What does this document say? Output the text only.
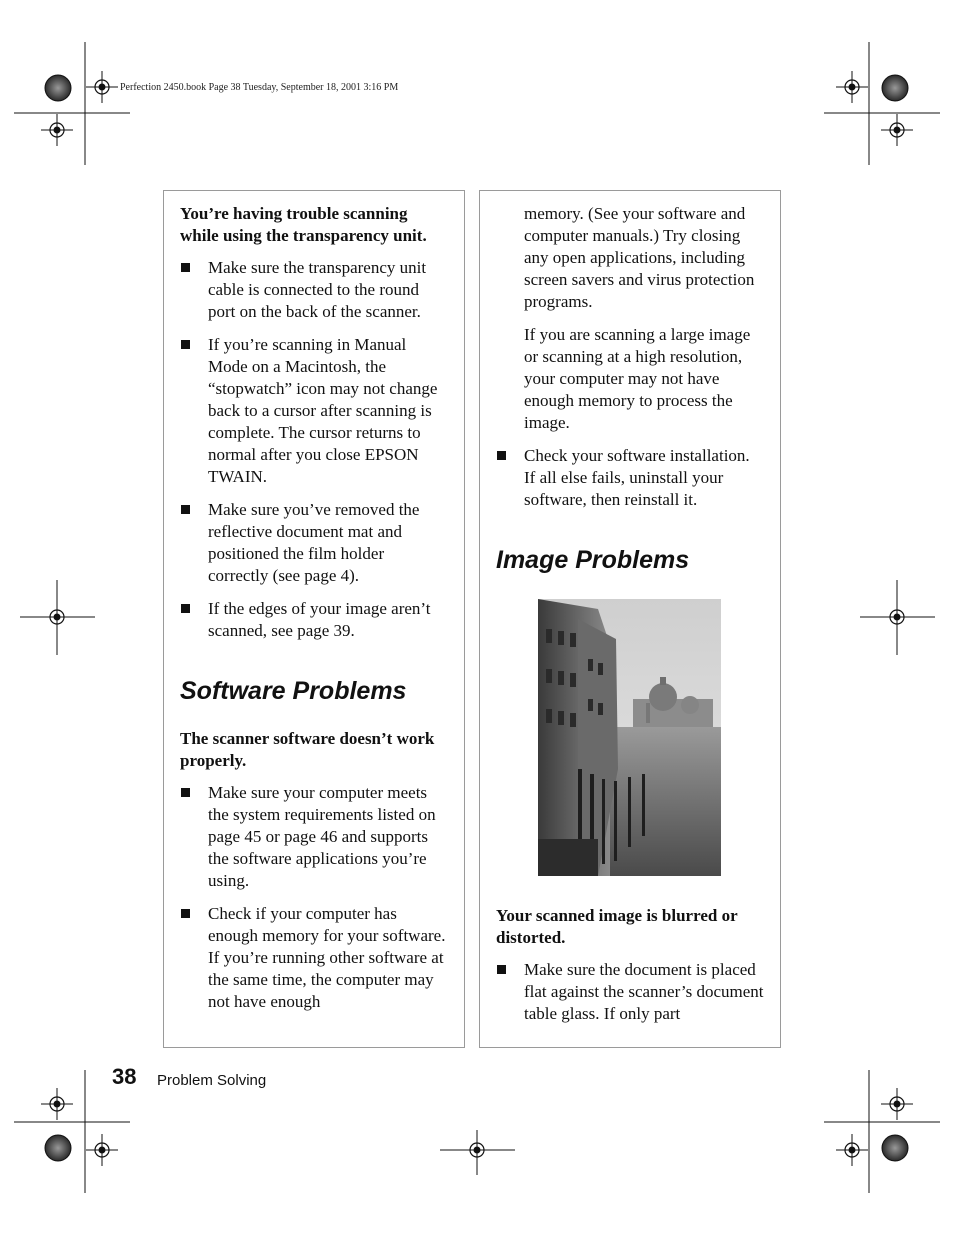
Perfection 2450.book Page 38 Tuesday, September 18, 2001 3:16 PM

You’re having trouble scanning while using the transparency unit.

Make sure the transparency unit cable is connected to the round port on the back of the scanner.
If you’re scanning in Manual Mode on a Macintosh, the “stopwatch” icon may not change back to a cursor after scanning is complete. The cursor returns to normal after you close EPSON TWAIN.
Make sure you’ve removed the reflective document mat and positioned the film holder correctly (see page 4).
If the edges of your image aren’t scanned, see page 39.
Software Problems

The scanner software doesn’t work properly.

Make sure your computer meets the system requirements listed on page 45 or page 46 and supports the software applications you’re using.
Check if your computer has enough memory for your software. If you’re running other software at the same time, the computer may not have enough

memory. (See your software and computer manuals.) Try closing any open applications, including screen savers and virus protection programs.

If you are scanning a large image or scanning at a high resolution, your computer may not have enough memory to process the image.

Check your software installation. If all else fails, uninstall your software, then reinstall it.
Image Problems

Your scanned image is blurred or distorted.

Make sure the document is placed flat against the scanner’s document table glass. If only part
38 Problem Solving
